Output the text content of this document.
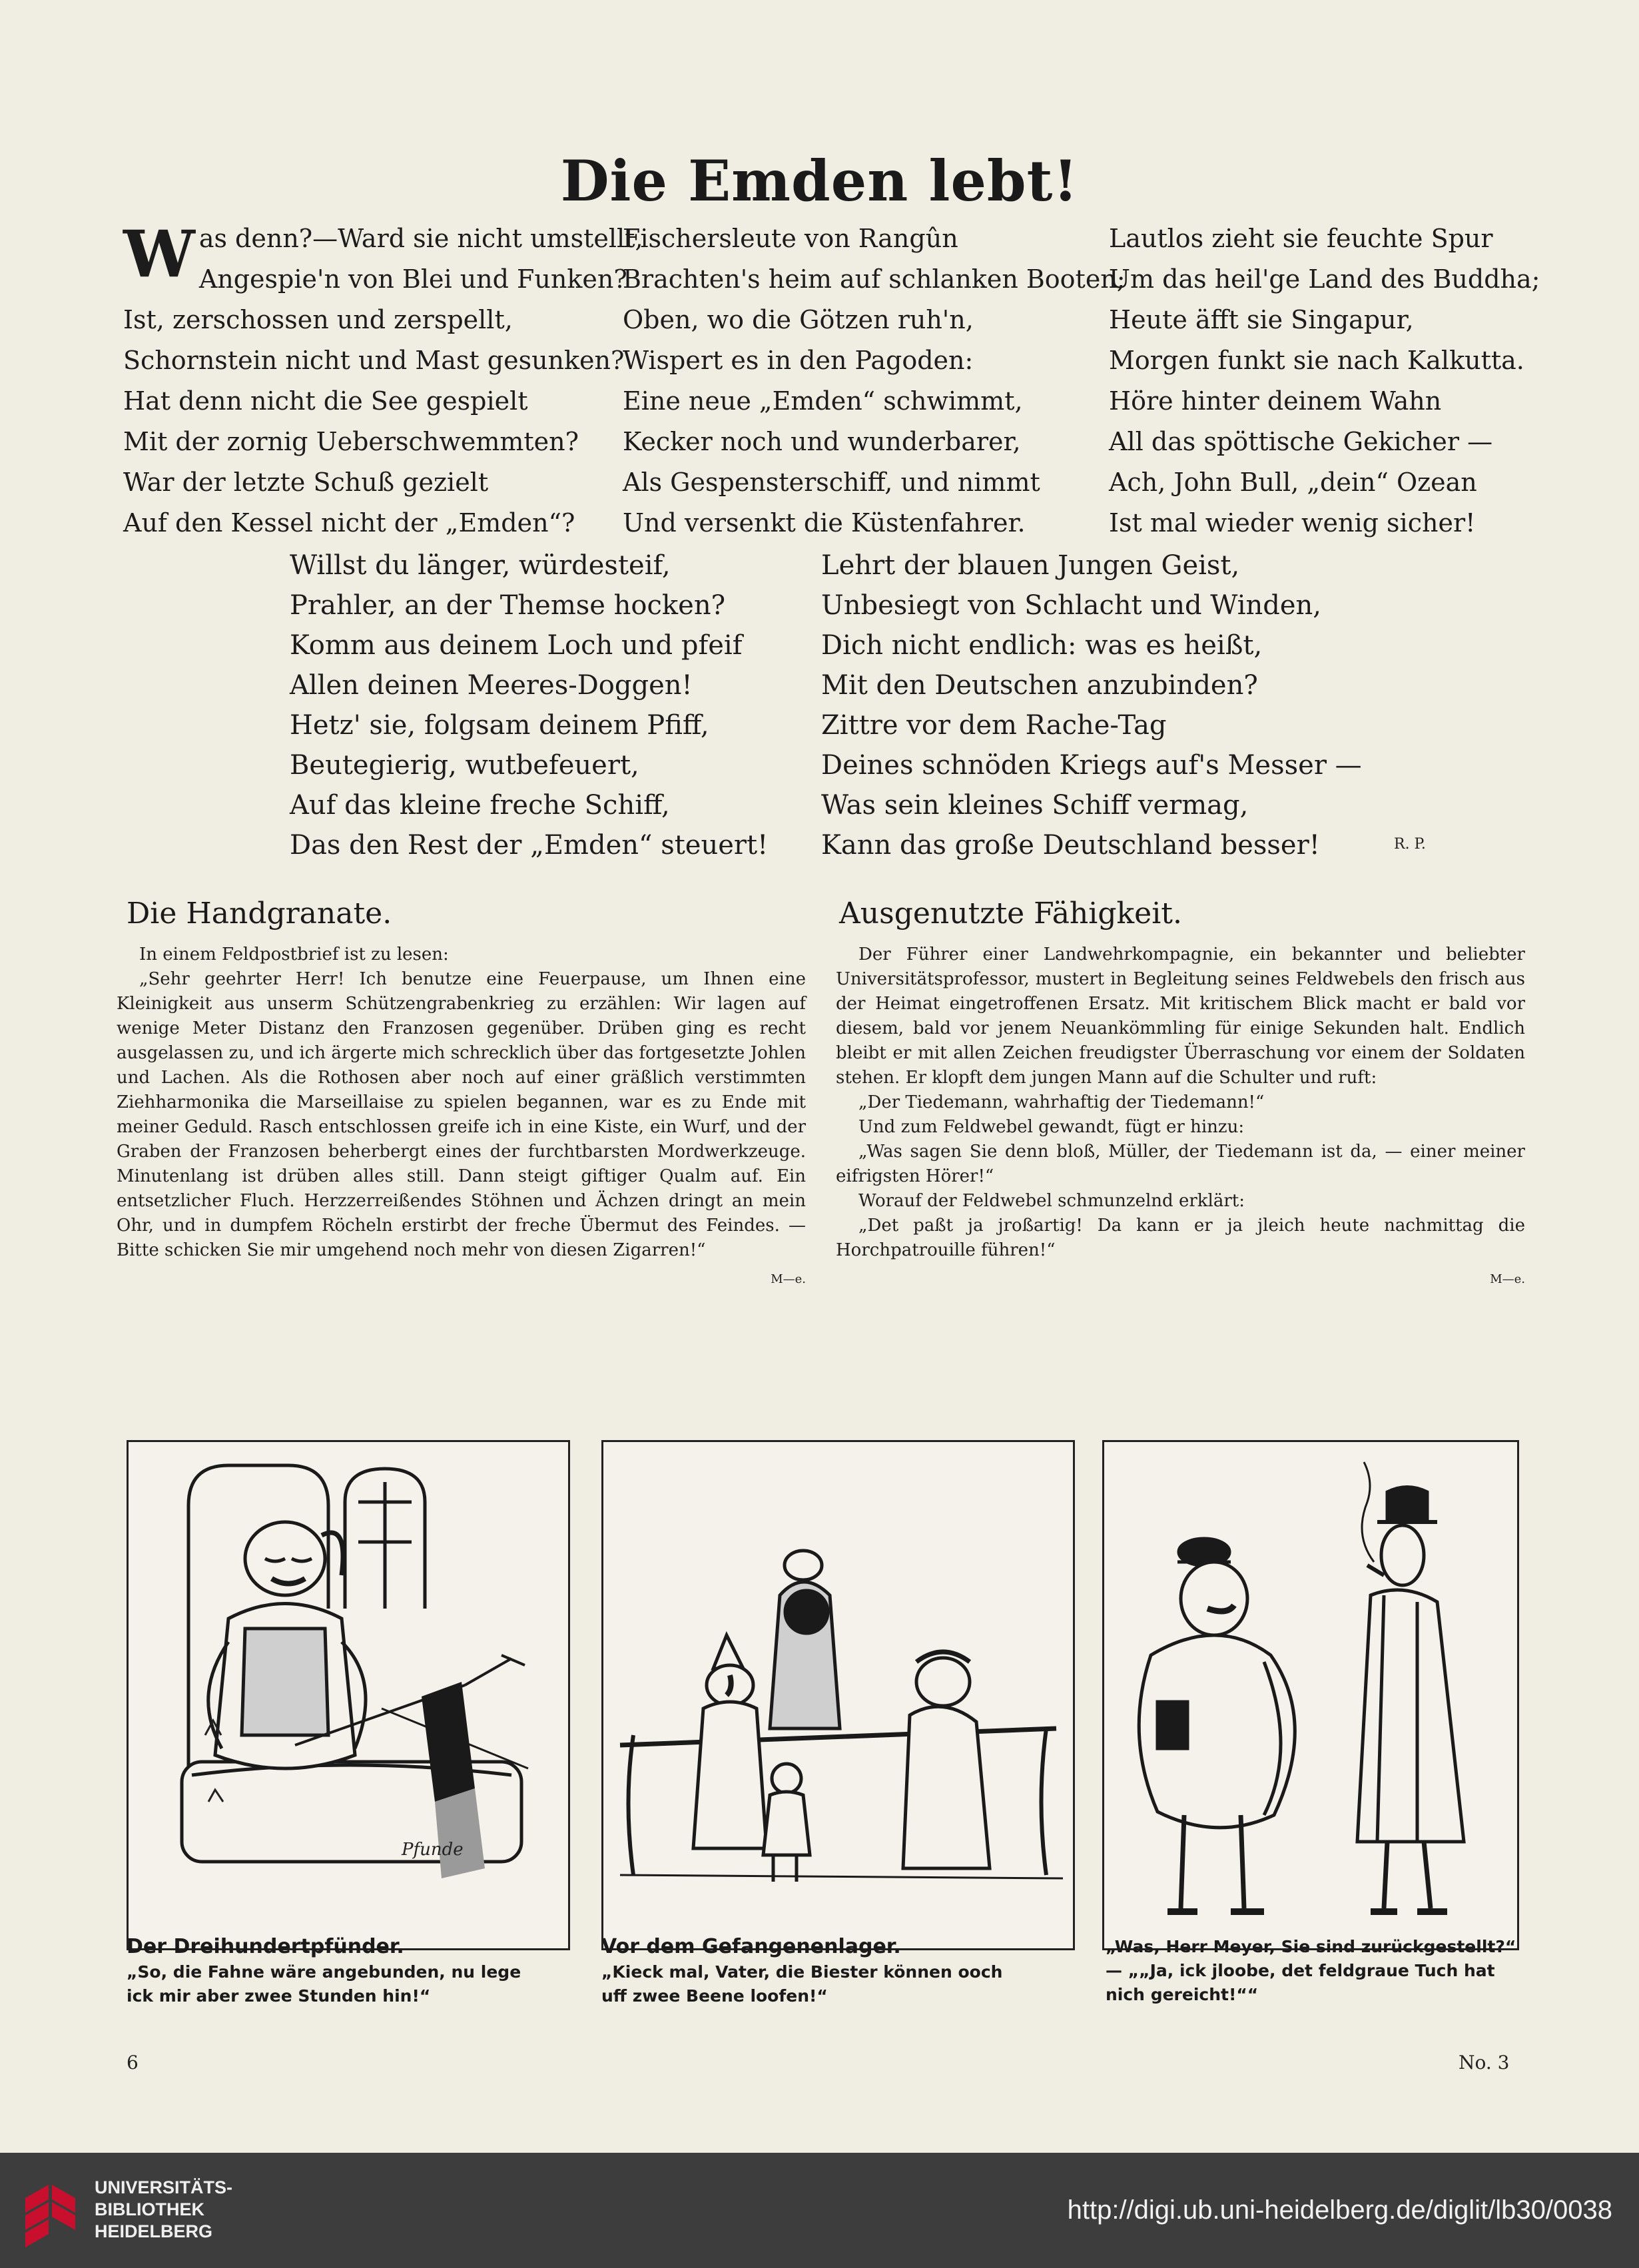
Die Emden lebt!
W as denn?—Ward sie nicht umstellt,
Angespie'n von Blei und Funken?
Ist, zerschossen und zerspellt,
Schornstein nicht und Mast gesunken?
Hat denn nicht die See gespielt
Mit der zornig Ueberschwemmten?
War der letzte Schuß gezielt
Auf den Kessel nicht der „Emden“?
Fischersleute von Rangûn
Brachten's heim auf schlanken Booten;
Oben, wo die Götzen ruh'n,
Wispert es in den Pagoden:
Eine neue „Emden“ schwimmt,
Kecker noch und wunderbarer,
Als Gespensterschiff, und nimmt
Und versenkt die Küstenfahrer.
Lautlos zieht sie feuchte Spur
Um das heil'ge Land des Buddha;
Heute äfft sie Singapur,
Morgen funkt sie nach Kalkutta.
Höre hinter deinem Wahn
All das spöttische Gekicher —
Ach, John Bull, „dein“ Ozean
Ist mal wieder wenig sicher!
Willst du länger, würdesteif,
Prahler, an der Themse hocken?
Komm aus deinem Loch und pfeif
Allen deinen Meeres-Doggen!
Hetz' sie, folgsam deinem Pfiff,
Beutegierig, wutbefeuert,
Auf das kleine freche Schiff,
Das den Rest der „Emden“ steuert!
Lehrt der blauen Jungen Geist,
Unbesiegt von Schlacht und Winden,
Dich nicht endlich: was es heißt,
Mit den Deutschen anzubinden?
Zittre vor dem Rache-Tag
Deines schnöden Kriegs auf's Messer —
Was sein kleines Schiff vermag,
Kann das große Deutschland besser!	R. P.
Die Handgranate.

In einem Feldpostbrief ist zu lesen:

„Sehr geehrter Herr! Ich benutze eine Feuerpause, um Ihnen eine Kleinigkeit aus unserm Schützengrabenkrieg zu erzählen: Wir lagen auf wenige Meter Distanz den Franzosen gegenüber. Drüben ging es recht ausgelassen zu, und ich ärgerte mich schrecklich über das fortgesetzte Johlen und Lachen. Als die Rothosen aber noch auf einer gräßlich verstimmten Ziehharmonika die Marseillaise zu spielen begannen, war es zu Ende mit meiner Geduld. Rasch entschlossen greife ich in eine Kiste, ein Wurf, und der Graben der Franzosen beherbergt eines der furchtbarsten Mordwerkzeuge. Minutenlang ist drüben alles still. Dann steigt giftiger Qualm auf. Ein entsetzlicher Fluch. Herzzerreißendes Stöhnen und Ächzen dringt an mein Ohr, und in dumpfem Röcheln erstirbt der freche Übermut des Feindes. — Bitte schicken Sie mir umgehend noch mehr von diesen Zigarren!“

M—e.
Ausgenutzte Fähigkeit.

Der Führer einer Landwehrkompagnie, ein bekannter und beliebter Universitätsprofessor, mustert in Begleitung seines Feldwebels den frisch aus der Heimat eingetroffenen Ersatz. Mit kritischem Blick macht er bald vor diesem, bald vor jenem Neuankömmling für einige Sekunden halt. Endlich bleibt er mit allen Zeichen freudigster Überraschung vor einem der Soldaten stehen. Er klopft dem jungen Mann auf die Schulter und ruft:

„Der Tiedemann, wahrhaftig der Tiedemann!“

Und zum Feldwebel gewandt, fügt er hinzu:

„Was sagen Sie denn bloß, Müller, der Tiedemann ist da, — einer meiner eifrigsten Hörer!“

Worauf der Feldwebel schmunzelnd erklärt:

„Det paßt ja jroßartig! Da kann er ja jleich heute nachmittag die Horchpatrouille führen!“

M—e.
Pfunde
Der Dreihundertpfünder.
„So, die Fahne wäre angebunden, nu lege ick mir aber zwee Stunden hin!“
Vor dem Gefangenenlager.
„Kieck mal, Vater, die Biester können ooch uff zwee Beene loofen!“
„Was, Herr Meyer, Sie sind zurückgestellt?“ — „„Ja, ick jloobe, det feldgraue Tuch hat nich gereicht!““
6	No. 3
UNIVERSITÄTS-
BIBLIOTHEK
HEIDELBERG
http://digi.ub.uni-heidelberg.de/diglit/lb30/0038
